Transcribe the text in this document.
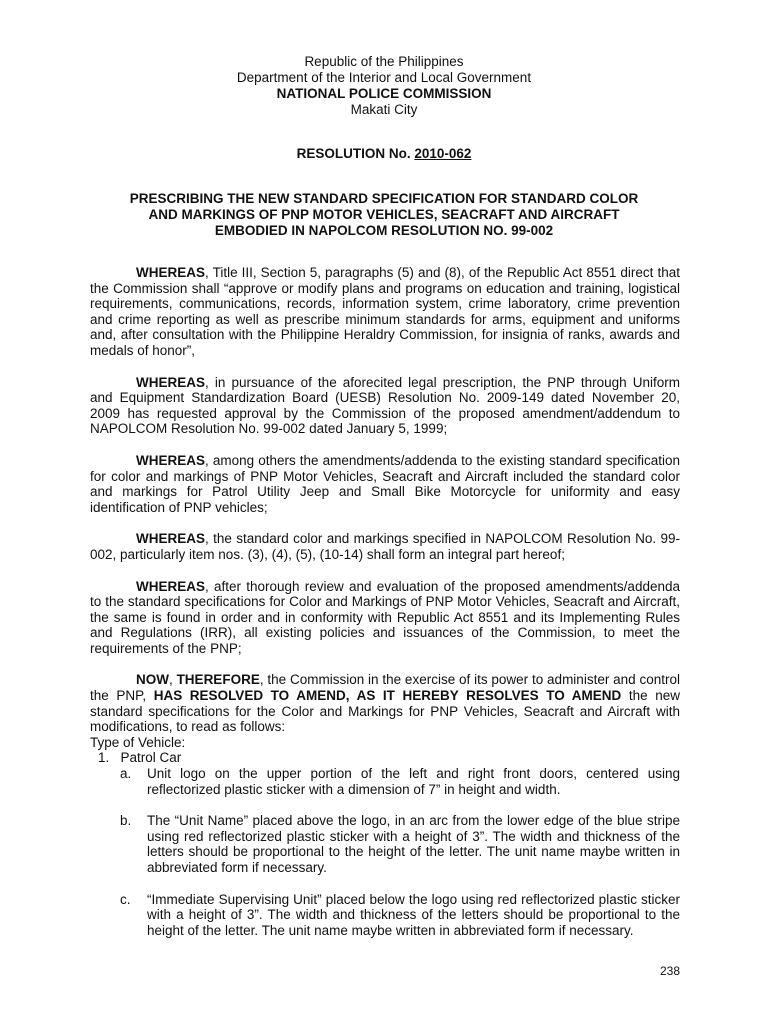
Republic of the Philippines
Department of the Interior and Local Government
NATIONAL POLICE COMMISSION
Makati City
RESOLUTION No. 2010-062
PRESCRIBING THE NEW STANDARD SPECIFICATION FOR STANDARD COLOR
AND MARKINGS OF PNP MOTOR VEHICLES, SEACRAFT AND AIRCRAFT
EMBODIED IN NAPOLCOM RESOLUTION NO. 99-002

WHEREAS, Title III, Section 5, paragraphs (5) and (8), of the Republic Act 8551 direct that the Commission shall “approve or modify plans and programs on education and training, logistical requirements, communications, records, information system, crime laboratory, crime prevention and crime reporting as well as prescribe minimum standards for arms, equipment and uniforms and, after consultation with the Philippine Heraldry Commission, for insignia of ranks, awards and medals of honor”,

WHEREAS, in pursuance of the aforecited legal prescription, the PNP through Uniform and Equipment Standardization Board (UESB) Resolution No. 2009-149 dated November 20, 2009 has requested approval by the Commission of the proposed amendment/addendum to NAPOLCOM Resolution No. 99-002 dated January 5, 1999;

WHEREAS, among others the amendments/addenda to the existing standard specification for color and markings of PNP Motor Vehicles, Seacraft and Aircraft included the standard color and markings for Patrol Utility Jeep and Small Bike Motorcycle for uniformity and easy identification of PNP vehicles;

WHEREAS, the standard color and markings specified in NAPOLCOM Resolution No. 99-002, particularly item nos. (3), (4), (5), (10-14) shall form an integral part hereof;

WHEREAS, after thorough review and evaluation of the proposed amendments/addenda to the standard specifications for Color and Markings of PNP Motor Vehicles, Seacraft and Aircraft, the same is found in order and in conformity with Republic Act 8551 and its Implementing Rules and Regulations (IRR), all existing policies and issuances of the Commission, to meet the requirements of the PNP;

NOW, THEREFORE, the Commission in the exercise of its power to administer and control the PNP, HAS RESOLVED TO AMEND, AS IT HEREBY RESOLVES TO AMEND the new standard specifications for the Color and Markings for PNP Vehicles, Seacraft and Aircraft with modifications, to read as follows:

Type of Vehicle:

1.   Patrol Car

a.	Unit logo on the upper portion of the left and right front doors, centered using reflectorized plastic sticker with a dimension of 7” in height and width.
b.	The “Unit Name” placed above the logo, in an arc from the lower edge of the blue stripe using red reflectorized plastic sticker with a height of 3”. The width and thickness of the letters should be proportional to the height of the letter. The unit name maybe written in abbreviated form if necessary.
c.	“Immediate Supervising Unit” placed below the logo using red reflectorized plastic sticker with a height of 3”. The width and thickness of the letters should be proportional to the height of the letter. The unit name maybe written in abbreviated form if necessary.
238
